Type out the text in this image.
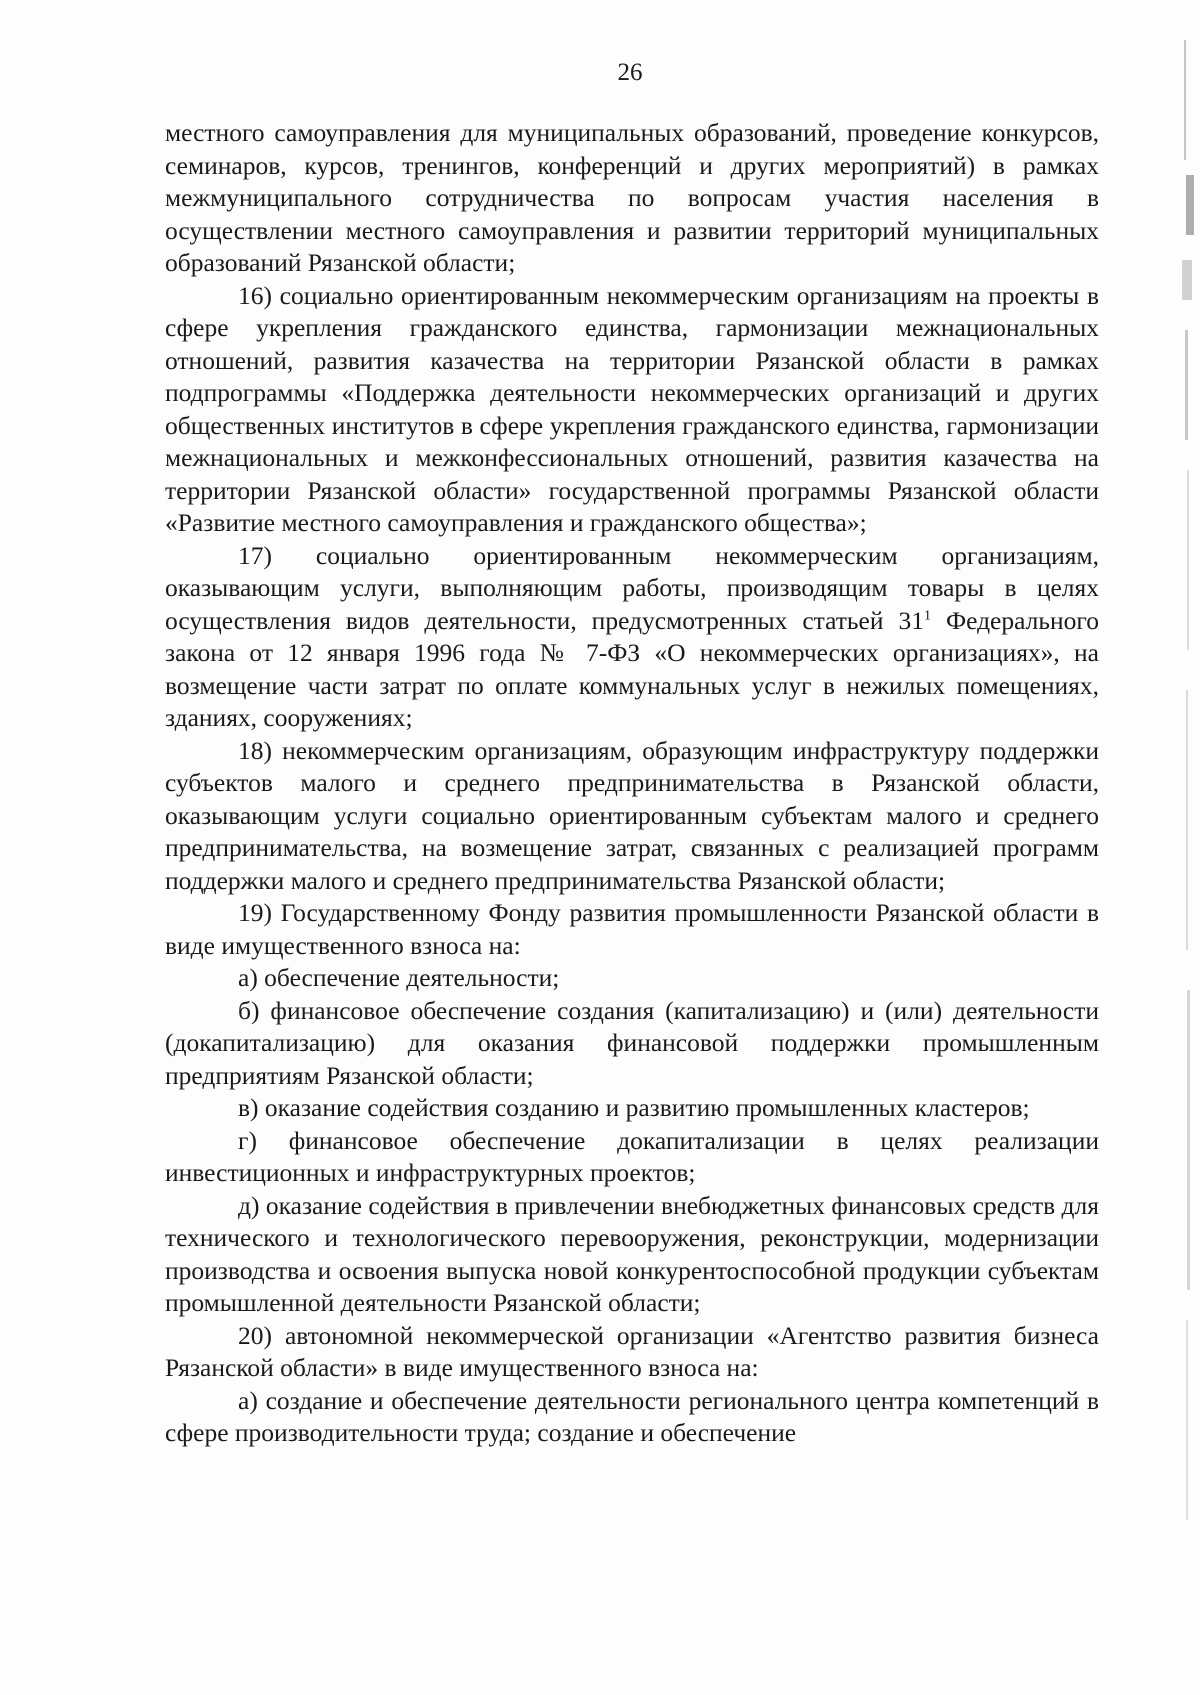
26

местного самоуправления для муниципальных образований, проведение конкурсов, семинаров, курсов, тренингов, конференций и других мероприятий) в рамках межмуниципального сотрудничества по вопросам участия населения в осуществлении местного самоуправления и развитии территорий муниципальных образований Рязанской области;

16) социально ориентированным некоммерческим организациям на проекты в сфере укрепления гражданского единства, гармонизации межнациональных отношений, развития казачества на территории Рязанской области в рамках подпрограммы «Поддержка деятельности некоммерческих организаций и других общественных институтов в сфере укрепления гражданского единства, гармонизации межнациональных и межконфессиональных отношений, развития казачества на территории Рязанской области» государственной программы Рязанской области «Развитие местного самоуправления и гражданского общества»;

17) социально ориентированным некоммерческим организациям, оказывающим услуги, выполняющим работы, производящим товары в целях осуществления видов деятельности, предусмотренных статьей $31^1$ Федерального закона от 12 января 1996 года № 7-ФЗ «О некоммерческих организациях», на возмещение части затрат по оплате коммунальных услуг в нежилых помещениях, зданиях, сооружениях;

18) некоммерческим организациям, образующим инфраструктуру поддержки субъектов малого и среднего предпринимательства в Рязанской области, оказывающим услуги социально ориентированным субъектам малого и среднего предпринимательства, на возмещение затрат, связанных с реализацией программ поддержки малого и среднего предпринимательства Рязанской области;

19) Государственному Фонду развития промышленности Рязанской области в виде имущественного взноса на:

а) обеспечение деятельности;

б) финансовое обеспечение создания (капитализацию) и (или) деятельности (докапитализацию) для оказания финансовой поддержки промышленным предприятиям Рязанской области;

в) оказание содействия созданию и развитию промышленных кластеров;

г) финансовое обеспечение докапитализации в целях реализации инвестиционных и инфраструктурных проектов;

д) оказание содействия в привлечении внебюджетных финансовых средств для технического и технологического перевооружения, реконструкции, модернизации производства и освоения выпуска новой конкурентоспособной продукции субъектам промышленной деятельности Рязанской области;

20) автономной некоммерческой организации «Агентство развития бизнеса Рязанской области» в виде имущественного взноса на:

а) создание и обеспечение деятельности регионального центра компетенций в сфере производительности труда; создание и обеспечение
